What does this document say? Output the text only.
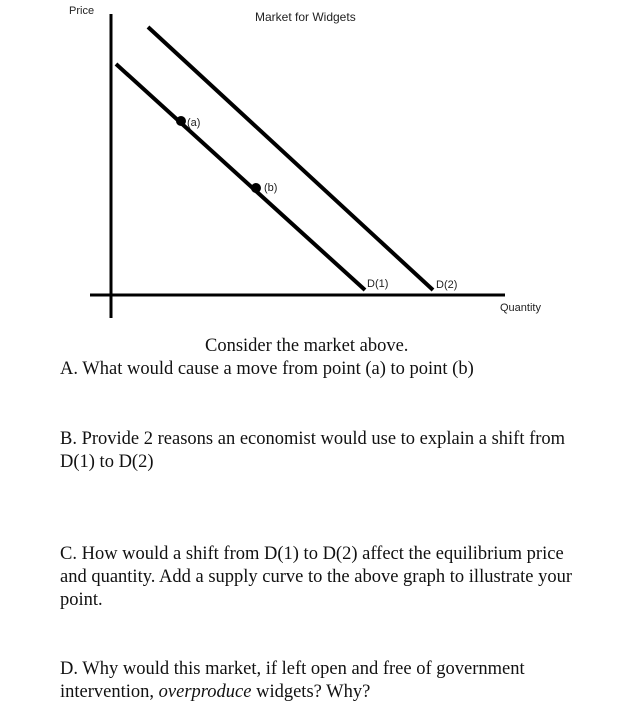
Price	Market for Widgets
(a)
(b)
D(1)	D(2)
Quantity

Consider the market above.

A. What would cause a move from point (a) to point (b)

B. Provide 2 reasons an economist would use to explain a shift from D(1) to D(2)

C. How would a shift from D(1) to D(2) affect the equilibrium price and quantity. Add a supply curve to the above graph to illustrate your point.

D. Why would this market, if left open and free of government intervention, overproduce widgets? Why?
